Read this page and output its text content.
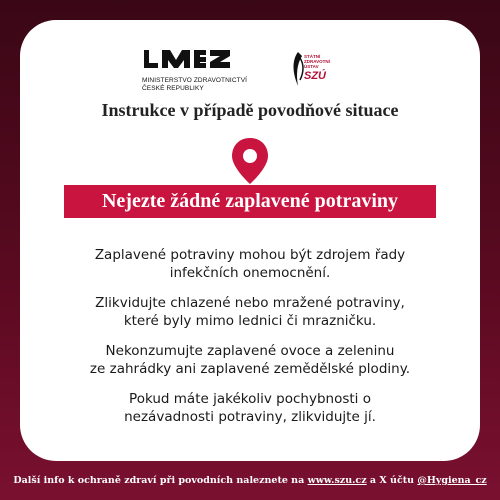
MINISTERSTVO ZDRAVOTNICTVÍ
ČESKÉ REPUBLIKY
STÁTNÍ
ZDRAVOTNÍ
ÚSTAV
SZÚ
Instrukce v případě povodňové situace
Nejezte žádné zaplavené potraviny

Zaplavené potraviny mohou být zdrojem řady
infekčních onemocnění.

Zlikvidujte chlazené nebo mražené potraviny,
které byly mimo lednici či mrazničku.

Nekonzumujte zaplavené ovoce a zeleninu
ze zahrádky ani zaplavené zemědělské plodiny.

Pokud máte jakékoliv pochybnosti o
nezávadnosti potraviny, zlikvidujte jí.

Další info k ochraně zdraví při povodních naleznete na www.szu.cz a X účtu @Hygiena_cz
